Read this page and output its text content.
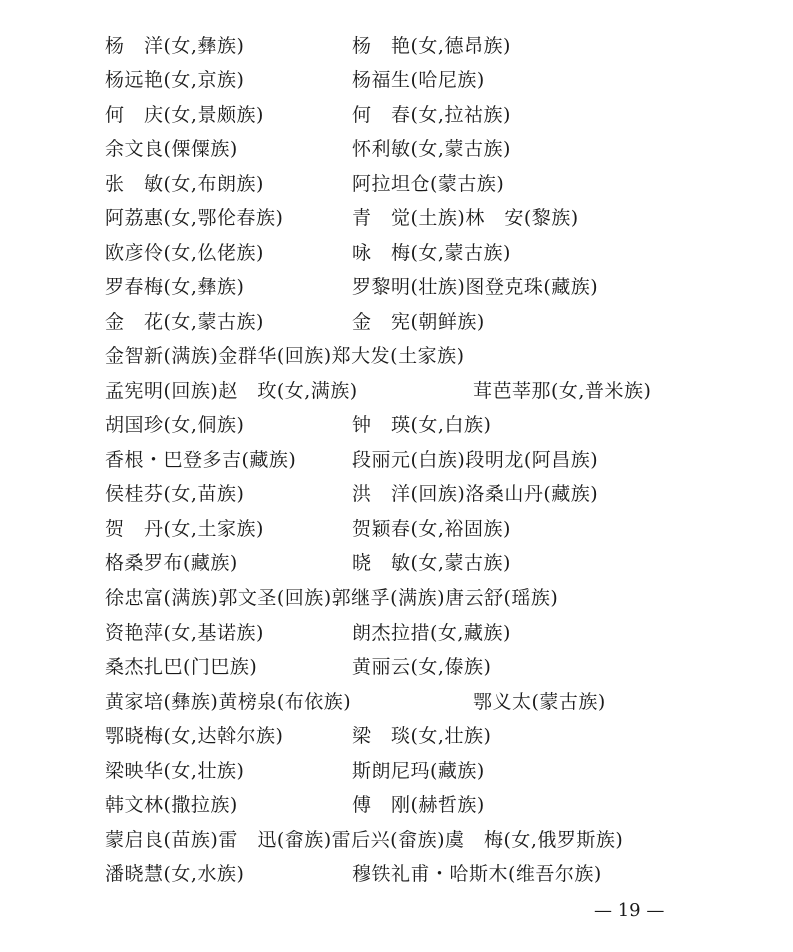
杨　洋(女,彝族)	杨　艳(女,德昂族)
杨远艳(女,京族)	杨福生(哈尼族)
何　庆(女,景颇族)	何　春(女,拉祜族)
余文良(傈僳族)	怀利敏(女,蒙古族)
张　敏(女,布朗族)	阿拉坦仓(蒙古族)
阿荔惠(女,鄂伦春族)	青　觉(土族)林　安(黎族)
欧彦伶(女,仫佬族)	咏　梅(女,蒙古族)
罗春梅(女,彝族)	罗黎明(壮族)图登克珠(藏族)
金　花(女,蒙古族)	金　宪(朝鲜族)
金智新(满族)金群华(回族)郑大发(土家族)
孟宪明(回族)赵　玫(女,满族)	茸芭莘那(女,普米族)
胡国珍(女,侗族)	钟　瑛(女,白族)
香根・巴登多吉(藏族)	段丽元(白族)段明龙(阿昌族)
侯桂芬(女,苗族)	洪　洋(回族)洛桑山丹(藏族)
贺　丹(女,土家族)	贺颖春(女,裕固族)
格桑罗布(藏族)	晓　敏(女,蒙古族)
徐忠富(满族)郭文圣(回族)郭继孚(满族)唐云舒(瑶族)
资艳萍(女,基诺族)	朗杰拉措(女,藏族)
桑杰扎巴(门巴族)	黄丽云(女,傣族)
黄家培(彝族)黄榜泉(布依族)	鄂义太(蒙古族)
鄂晓梅(女,达斡尔族)	梁　琰(女,壮族)
梁映华(女,壮族)	斯朗尼玛(藏族)
韩文林(撒拉族)	傅　刚(赫哲族)
蒙启良(苗族)雷　迅(畲族)雷后兴(畲族)虞　梅(女,俄罗斯族)
潘晓慧(女,水族)	穆铁礼甫・哈斯木(维吾尔族)
— 19 —
